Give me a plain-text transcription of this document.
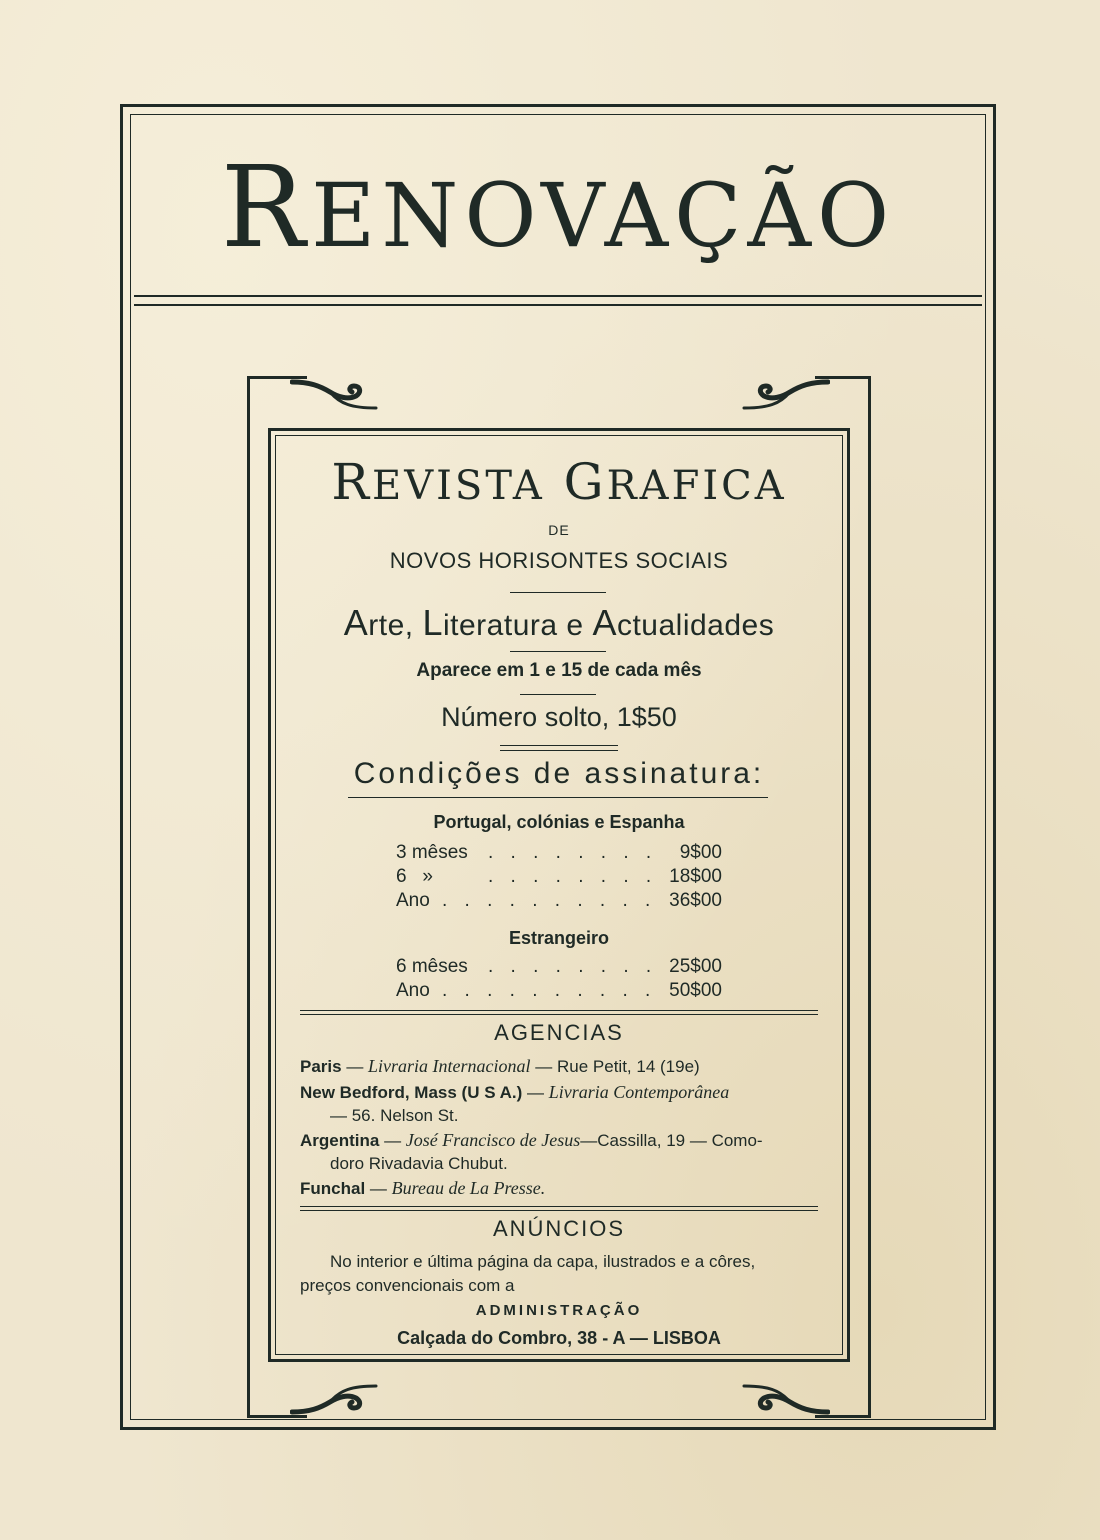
RENOVAÇÃO
REVISTA GRAFICA
DE
NOVOS HORISONTES SOCIAIS
Arte, Literatura e Actualidades
Aparece em 1 e 15 de cada mês
Número solto, 1$50
Condições de assinatura:
Portugal, colónias e Espanha
3 mêses . . . . . . . . 9$00
6   »	. . . . . . . . 18$00
Ano . . . . . . . . . . 36$00
Estrangeiro
6 mêses . . . . . . . . 25$00
Ano . . . . . . . . . . 50$00
AGENCIAS
Paris — Livraria Internacional — Rue Petit, 14 (19e)
New Bedford, Mass (U S A.) — Livraria Contemporânea
— 56. Nelson St.
Argentina — José Francisco de Jesus—Cassilla, 19 — Como-
doro Rivadavia Chubut.
Funchal — Bureau de La Presse.
ANÚNCIOS
No interior e última página da capa, ilustrados e a côres,
preços convencionais com a
ADMINISTRAÇÃO
Calçada do Combro, 38 - A — LISBOA
